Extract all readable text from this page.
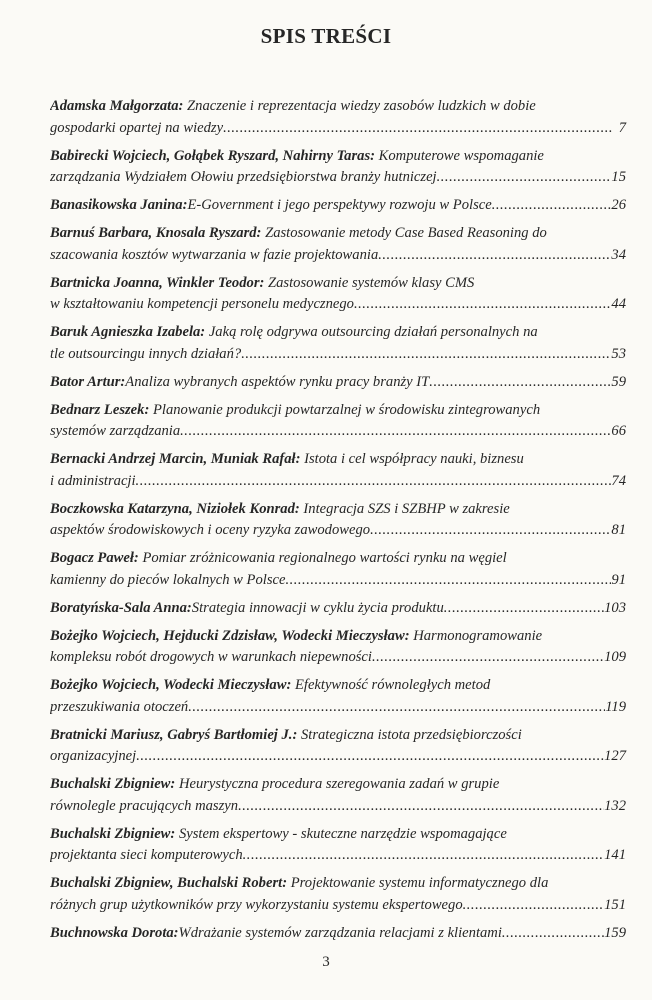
SPIS TREŚCI
Adamska Małgorzata: Znaczenie i reprezentacja wiedzy zasobów ludzkich w dobie
gospodarki opartej na wiedzy .....	7
Babirecki Wojciech, Gołąbek Ryszard, Nahirny Taras: Komputerowe wspomaganie
zarządzania Wydziałem Ołowiu przedsiębiorstwa branży hutniczej .....	15
Banasikowska Janina: E-Government i jego perspektywy rozwoju w Polsce .....	26
Barnuś Barbara, Knosala Ryszard: Zastosowanie metody Case Based Reasoning do
szacowania kosztów wytwarzania w fazie projektowania .....	34
Bartnicka Joanna, Winkler Teodor: Zastosowanie systemów klasy CMS
w kształtowaniu kompetencji personelu medycznego .....	44
Baruk Agnieszka Izabela: Jaką rolę odgrywa outsourcing działań personalnych na
tle outsourcingu innych działań? .....	53
Bator Artur: Analiza wybranych aspektów rynku pracy branży IT .....	59
Bednarz Leszek: Planowanie produkcji powtarzalnej w środowisku zintegrowanych
systemów zarządzania .....	66
Bernacki Andrzej Marcin, Muniak Rafał: Istota i cel współpracy nauki, biznesu
i administracji .....	74
Boczkowska Katarzyna, Niziołek Konrad: Integracja SZS i SZBHP w zakresie
aspektów środowiskowych i oceny ryzyka zawodowego .....	81
Bogacz Paweł: Pomiar zróżnicowania regionalnego wartości rynku na węgiel
kamienny do pieców lokalnych w Polsce .....	91
Boratyńska-Sala Anna: Strategia innowacji w cyklu życia produktu .....	103
Bożejko Wojciech, Hejducki Zdzisław, Wodecki Mieczysław: Harmonogramowanie
kompleksu robót drogowych w warunkach niepewności .....	109
Bożejko Wojciech, Wodecki Mieczysław: Efektywność równoległych metod
przeszukiwania otoczeń .....	119
Bratnicki Mariusz, Gabryś Bartłomiej J.: Strategiczna istota przedsiębiorczości
organizacyjnej .....	127
Buchalski Zbigniew: Heurystyczna procedura szeregowania zadań w grupie
równolegle pracujących maszyn .....	132
Buchalski Zbigniew: System ekspertowy - skuteczne narzędzie wspomagające
projektanta sieci komputerowych .....	141
Buchalski Zbigniew, Buchalski Robert: Projektowanie systemu informatycznego dla
różnych grup użytkowników przy wykorzystaniu systemu ekspertowego .....	151
Buchnowska Dorota: Wdrażanie systemów zarządzania relacjami z klientami .....	159
3
